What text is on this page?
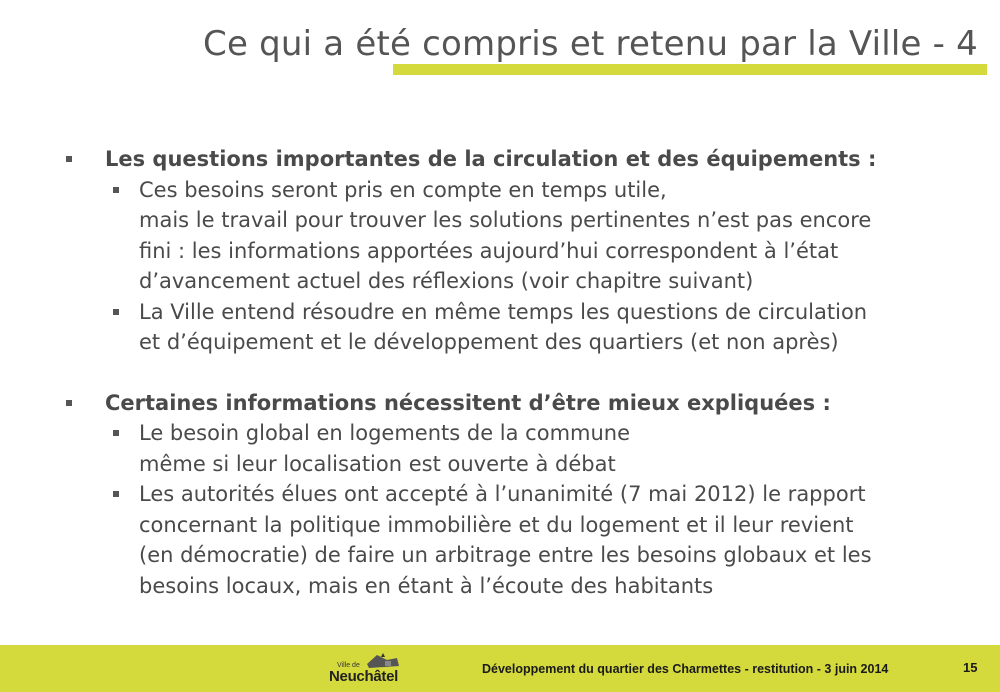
Ce qui a été compris et retenu par la Ville - 4
Les questions importantes de la circulation et des équipements :
Ces besoins seront pris en compte en temps utile,
mais le travail pour trouver les solutions pertinentes n’est pas encore
fini : les informations apportées aujourd’hui correspondent à l’état
d’avancement actuel des réflexions (voir chapitre suivant)
La Ville entend résoudre en même temps les questions de circulation
et d’équipement et le développement des quartiers (et non après)
Certaines informations nécessitent d’être mieux expliquées :
Le besoin global en logements de la commune
même si leur localisation est ouverte à débat
Les autorités élues ont accepté à l’unanimité (7 mai 2012) le rapport
concernant la politique immobilière et du logement et il leur revient
(en démocratie) de faire un arbitrage entre les besoins globaux et les
besoins locaux, mais en étant à l’écoute des habitants
Ville de
Neuchâtel	Développement du quartier des Charmettes - restitution - 3 juin 2014	15
